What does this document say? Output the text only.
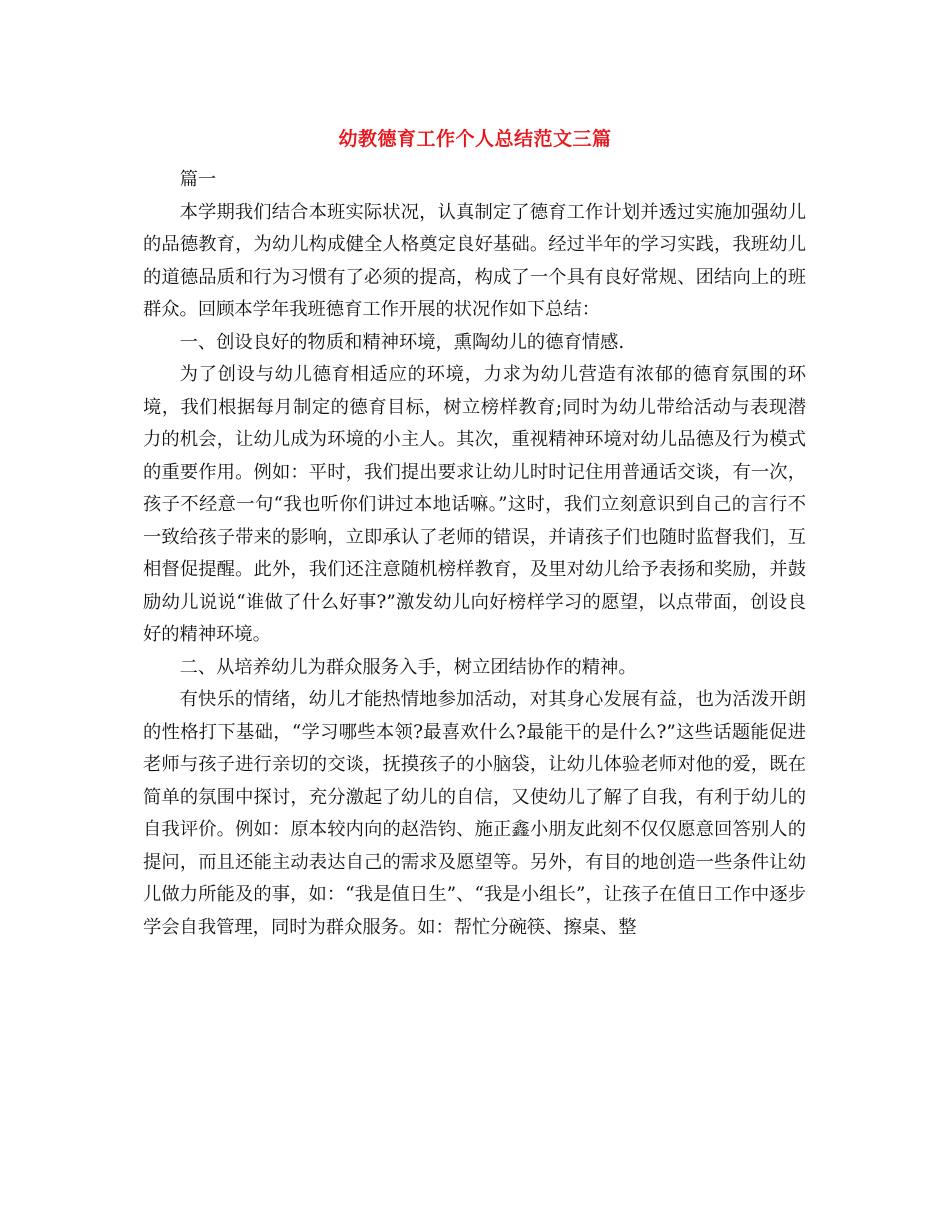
幼教德育工作个人总结范文三篇

篇一

本学期我们结合本班实际状况，认真制定了德育工作计划并透过实施加强幼儿的品德教育，为幼儿构成健全人格奠定良好基础。经过半年的学习实践，我班幼儿的道德品质和行为习惯有了必须的提高，构成了一个具有良好常规、团结向上的班群众。回顾本学年我班德育工作开展的状况作如下总结：

一、创设良好的物质和精神环境，熏陶幼儿的德育情感.

为了创设与幼儿德育相适应的环境，力求为幼儿营造有浓郁的德育氛围的环境，我们根据每月制定的德育目标，树立榜样教育;同时为幼儿带给活动与表现潜力的机会，让幼儿成为环境的小主人。其次，重视精神环境对幼儿品德及行为模式的重要作用。例如：平时，我们提出要求让幼儿时时记住用普通话交谈，有一次，孩子不经意一句“我也听你们讲过本地话嘛。”这时，我们立刻意识到自己的言行不一致给孩子带来的影响，立即承认了老师的错误，并请孩子们也随时监督我们，互相督促提醒。此外，我们还注意随机榜样教育，及里对幼儿给予表扬和奖励，并鼓励幼儿说说“谁做了什么好事?”激发幼儿向好榜样学习的愿望，以点带面，创设良好的精神环境。

二、从培养幼儿为群众服务入手，树立团结协作的精神。

有快乐的情绪，幼儿才能热情地参加活动，对其身心发展有益，也为活泼开朗的性格打下基础，“学习哪些本领?最喜欢什么?最能干的是什么?”这些话题能促进老师与孩子进行亲切的交谈，抚摸孩子的小脑袋，让幼儿体验老师对他的爱，既在简单的氛围中探讨，充分激起了幼儿的自信，又使幼儿了解了自我，有利于幼儿的自我评价。例如：原本较内向的赵浩钧、施正鑫小朋友此刻不仅仅愿意回答别人的提问，而且还能主动表达自己的需求及愿望等。另外，有目的地创造一些条件让幼儿做力所能及的事，如：“我是值日生”、“我是小组长”，让孩子在值日工作中逐步学会自我管理，同时为群众服务。如：帮忙分碗筷、擦桌、整
